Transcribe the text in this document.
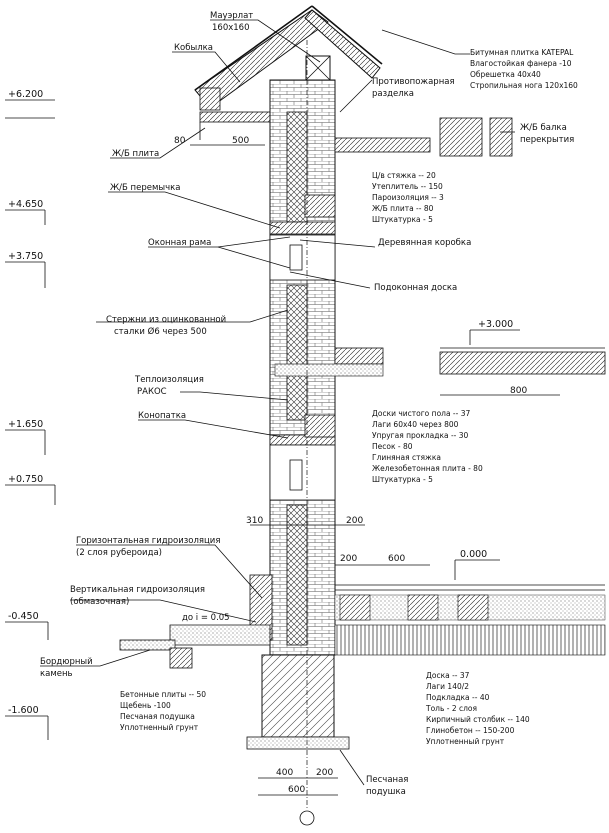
+6.200
+4.650
+3.750
+3.000
+1.650
+0.750
0.000
-0.450
-1.600
80	500
800
310	200
200	600
400	200
600
Мауэрлат 160х160
Кобылка	Битумная плитка KATEPAL
Влагостойкая фанера -10
Обрешетка 40х40
Стропильная нога 120х160
Противопожарная разделка
Ж/Б плита
Ж/Б балка перекрытия
Ц/в стяжка -- 20
Утеплитель -- 150
Пароизоляция -- 3
Ж/Б плита -- 80
Штукатурка - 5
Ж/Б перемычка
Оконная рама	Деревянная коробка
Подоконная доска
Стержни из оцинкованной сталки Ø6 через 500
Теплоизоляция РАКОС
Конопатка	Доски чистого пола -- 37
Лаги 60х40 через 800
Упругая прокладка -- 30
Песок - 80
Глиняная стяжка
Железобетонная плита - 80
Штукатурка - 5
Горизонтальная гидроизоляция (2 слоя рубероида)
Вертикальная гидроизоляция (обмазочная)
до i = 0.05
Бордюрный камень
Бетонные плиты -- 50
Щебень -100
Песчаная подушка
Уплотненный грунт
Доска -- 37
Лаги 140/2
Подкладка -- 40
Толь - 2 слоя
Кирпичный столбик -- 140
Глинобетон -- 150-200
Уплотненный грунт
Песчаная подушка
